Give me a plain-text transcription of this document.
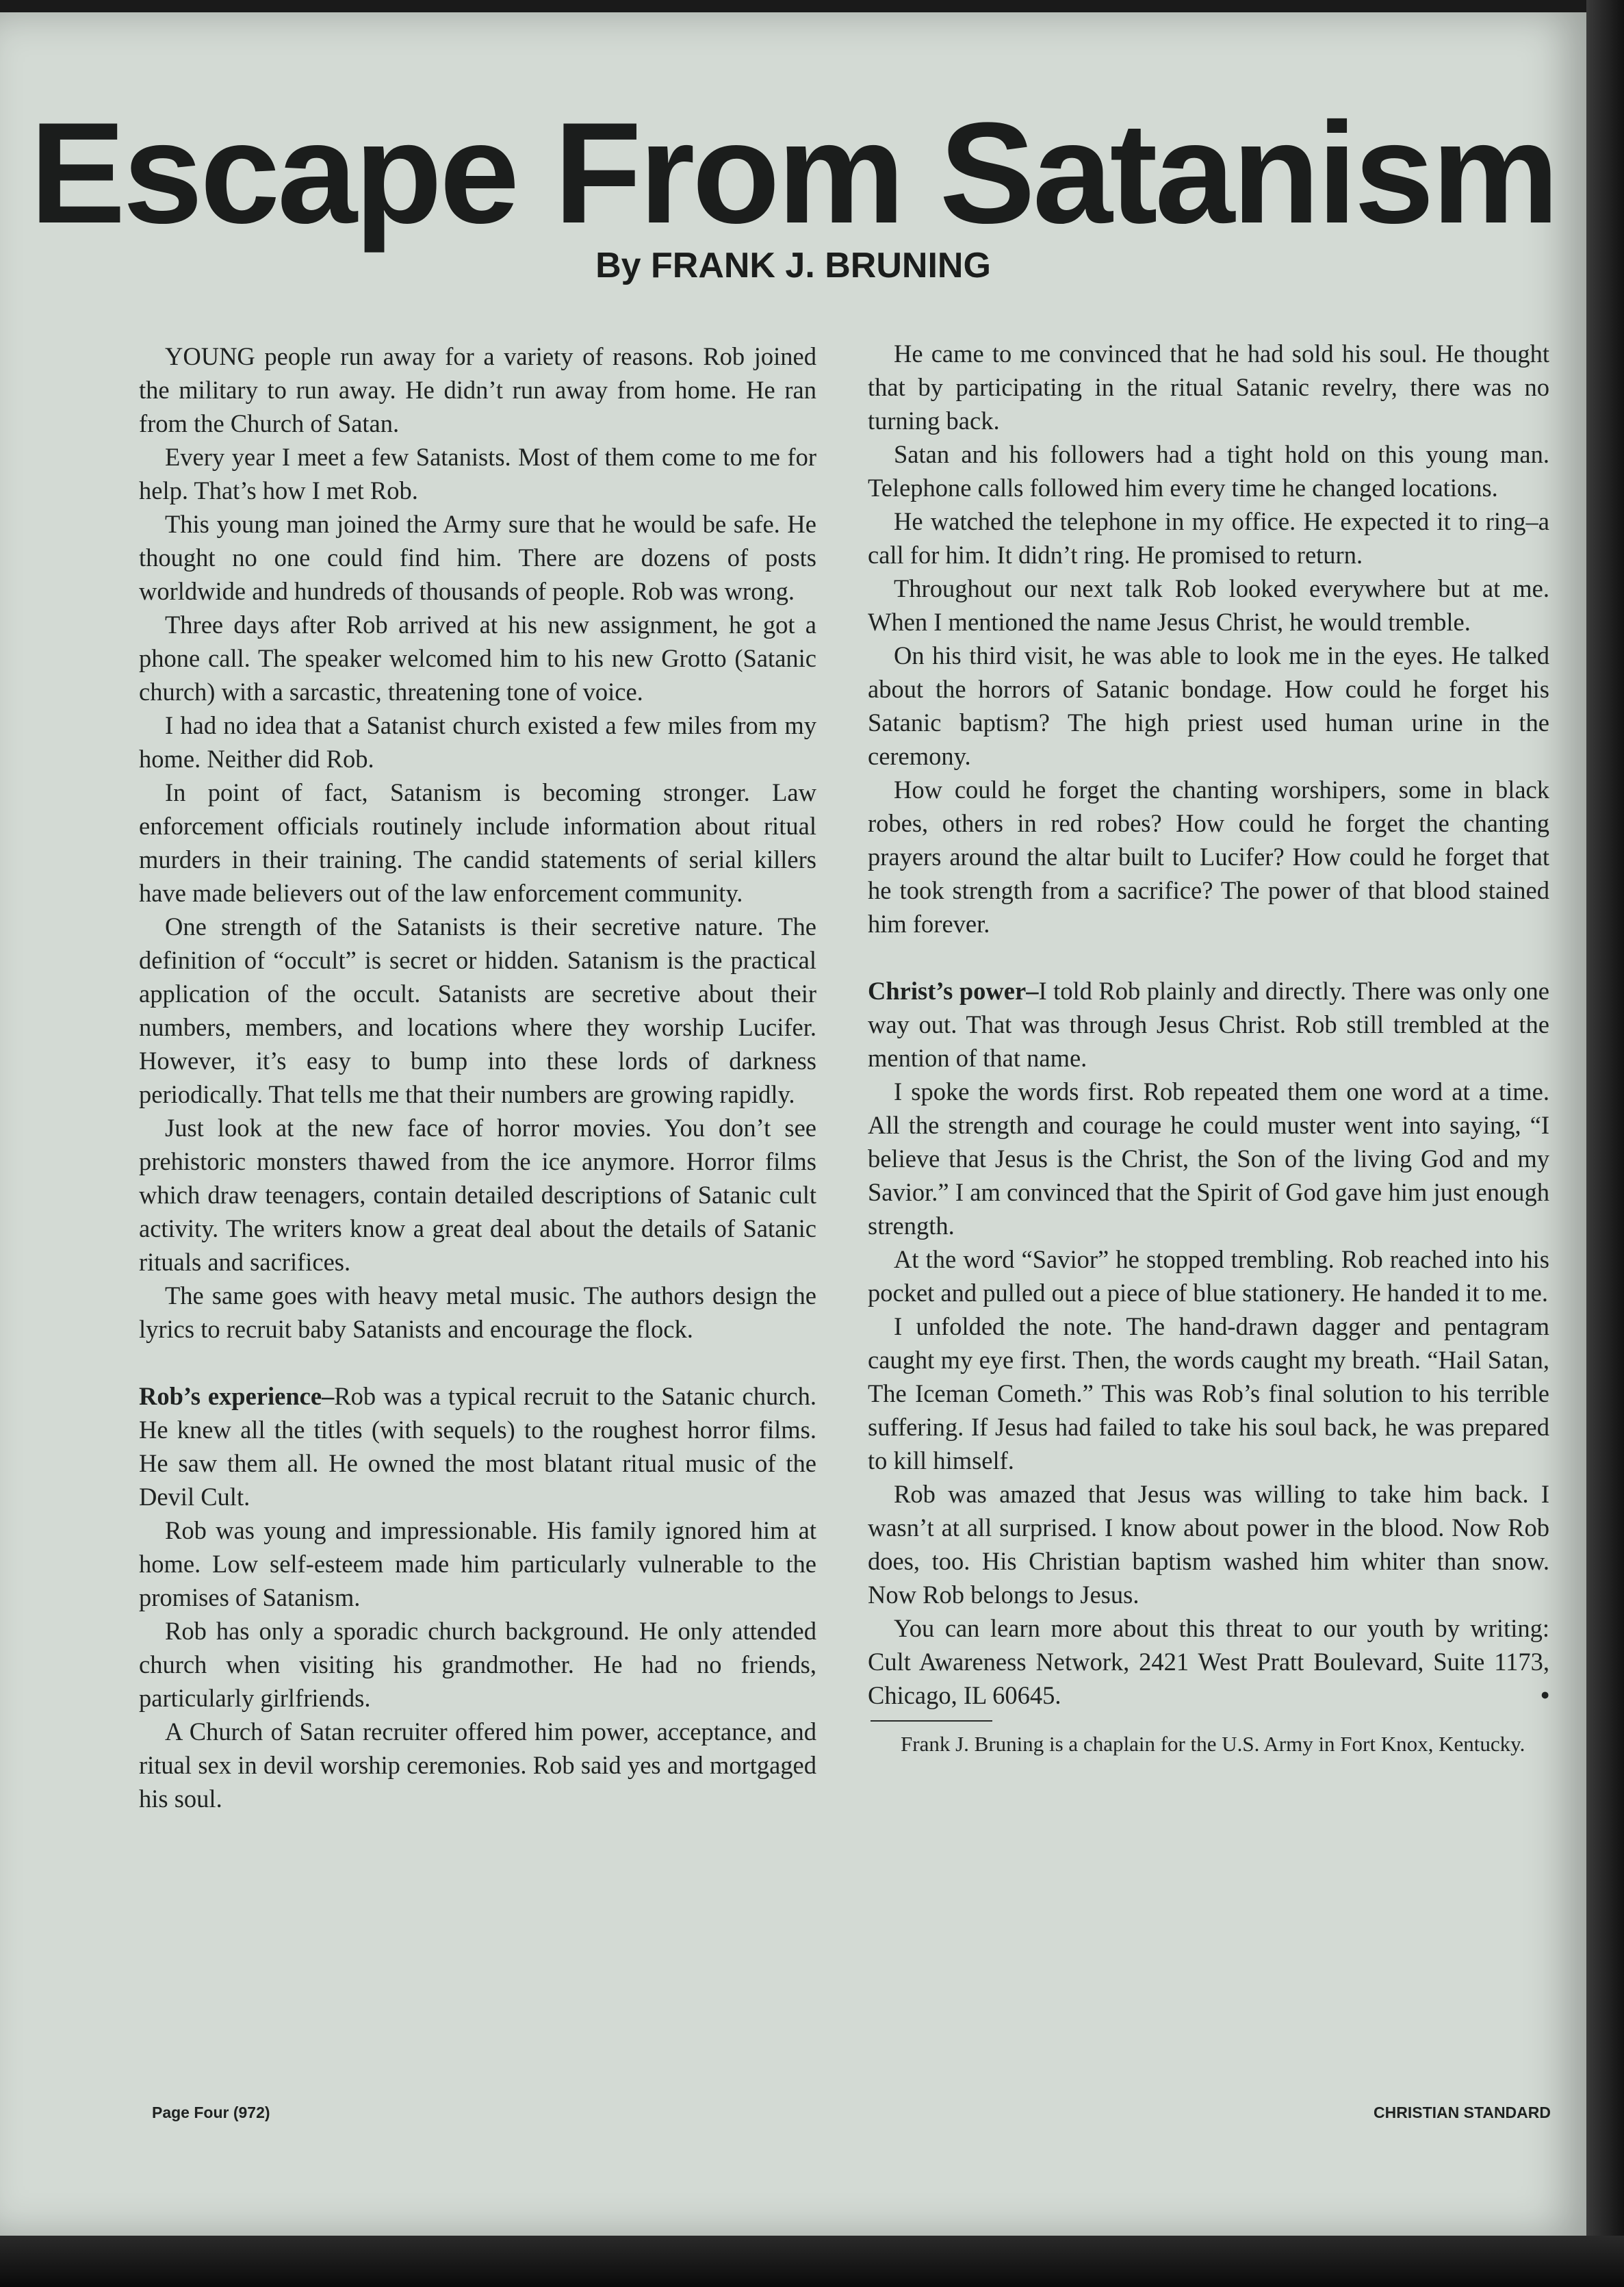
Escape From Satanism
By FRANK J. BRUNING

YOUNG people run away for a variety of reasons. Rob joined the military to run away. He didn’t run away from home. He ran from the Church of Satan.

Every year I meet a few Satanists. Most of them come to me for help. That’s how I met Rob.

This young man joined the Army sure that he would be safe. He thought no one could find him. There are dozens of posts worldwide and hundreds of thousands of people. Rob was wrong.

Three days after Rob arrived at his new assignment, he got a phone call. The speaker welcomed him to his new Grotto (Satanic church) with a sarcastic, threatening tone of voice.

I had no idea that a Satanist church existed a few miles from my home. Neither did Rob.

In point of fact, Satanism is becoming stronger. Law enforcement officials routinely include information about ritual murders in their training. The candid statements of serial killers have made believers out of the law enforcement community.

One strength of the Satanists is their secretive nature. The definition of “occult” is secret or hidden. Satanism is the practical application of the occult. Satanists are secretive about their numbers, members, and locations where they worship Lucifer. However, it’s easy to bump into these lords of darkness periodically. That tells me that their numbers are growing rapidly.

Just look at the new face of horror movies. You don’t see prehistoric monsters thawed from the ice anymore. Horror films which draw teenagers, contain detailed descriptions of Satanic cult activity. The writers know a great deal about the details of Satanic rituals and sacrifices.

The same goes with heavy metal music. The authors design the lyrics to recruit baby Satanists and encourage the flock.

Rob’s experience–Rob was a typical recruit to the Satanic church. He knew all the titles (with sequels) to the roughest horror films. He saw them all. He owned the most blatant ritual music of the Devil Cult.

Rob was young and impressionable. His family ignored him at home. Low self-esteem made him particularly vulnerable to the promises of Satanism.

Rob has only a sporadic church background. He only attended church when visiting his grandmother. He had no friends, particularly girlfriends.

A Church of Satan recruiter offered him power, acceptance, and ritual sex in devil worship ceremonies. Rob said yes and mortgaged his soul.

He came to me convinced that he had sold his soul. He thought that by participating in the ritual Satanic revelry, there was no turning back.

Satan and his followers had a tight hold on this young man. Telephone calls followed him every time he changed locations.

He watched the telephone in my office. He expected it to ring–a call for him. It didn’t ring. He promised to return.

Throughout our next talk Rob looked everywhere but at me. When I mentioned the name Jesus Christ, he would tremble.

On his third visit, he was able to look me in the eyes. He talked about the horrors of Satanic bondage. How could he forget his Satanic baptism? The high priest used human urine in the ceremony.

How could he forget the chanting worshipers, some in black robes, others in red robes? How could he forget the chanting prayers around the altar built to Lucifer? How could he forget that he took strength from a sacrifice? The power of that blood stained him forever.

Christ’s power–I told Rob plainly and directly. There was only one way out. That was through Jesus Christ. Rob still trembled at the mention of that name.

I spoke the words first. Rob repeated them one word at a time. All the strength and courage he could muster went into saying, “I believe that Jesus is the Christ, the Son of the living God and my Savior.” I am convinced that the Spirit of God gave him just enough strength.

At the word “Savior” he stopped trembling. Rob reached into his pocket and pulled out a piece of blue stationery. He handed it to me.

I unfolded the note. The hand-drawn dagger and pentagram caught my eye first. Then, the words caught my breath. “Hail Satan, The Iceman Cometh.” This was Rob’s final solution to his terrible suffering. If Jesus had failed to take his soul back, he was prepared to kill himself.

Rob was amazed that Jesus was willing to take him back. I wasn’t at all surprised. I know about power in the blood. Now Rob does, too. His Christian baptism washed him whiter than snow. Now Rob belongs to Jesus.

You can learn more about this threat to our youth by writing: Cult Awareness Network, 2421 West Pratt Boulevard, Suite 1173, Chicago, IL 60645.	•

Frank J. Bruning is a chaplain for the U.S. Army in Fort Knox, Kentucky.

Page Four (972)	CHRISTIAN STANDARD
